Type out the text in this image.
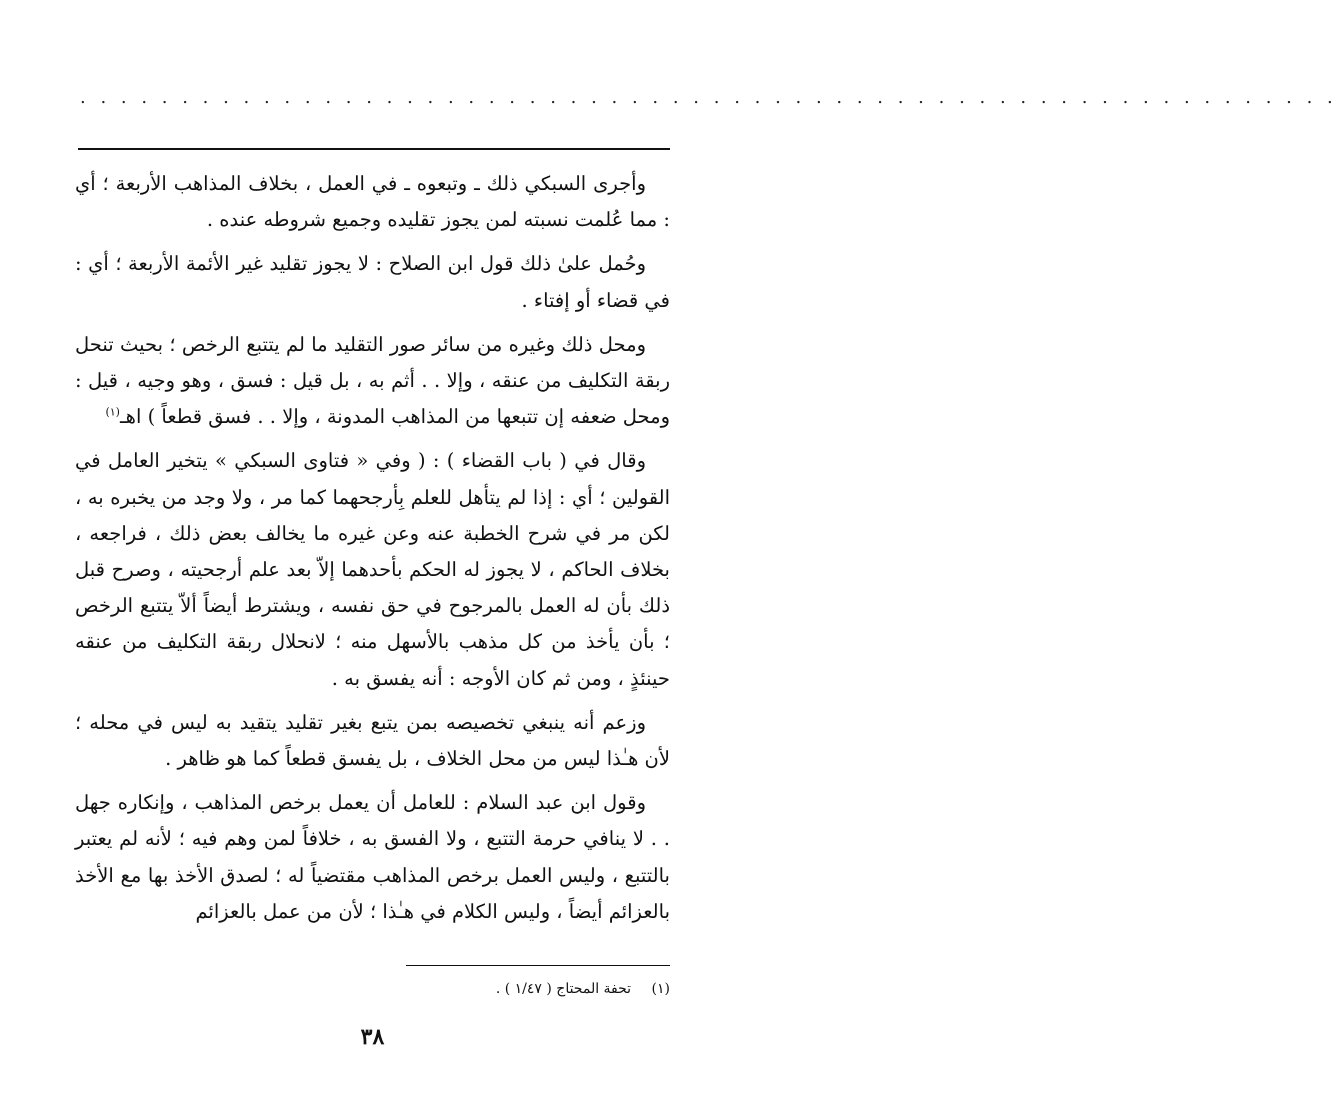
. . . . . . . . . . . . . . . . . . . . . . . . . . . . . . . . . . . . . . . . . . . . . . . . . . . . . . . . . . . . . .

وأجرى السبكي ذلك ـ وتبعوه ـ في العمل ، بخلاف المذاهب الأربعة ؛ أي : مما عُلمت نسبته لمن يجوز تقليده وجميع شروطه عنده .

وحُمل علىٰ ذلك قول ابن الصلاح : لا يجوز تقليد غير الأئمة الأربعة ؛ أي : في قضاء أو إفتاء .

ومحل ذلك وغيره من سائر صور التقليد ما لم يتتبع الرخص ؛ بحيث تنحل ربقة التكليف من عنقه ، وإلا . . أثم به ، بل قيل : فسق ، وهو وجيه ، قيل : ومحل ضعفه إن تتبعها من المذاهب المدونة ، وإلا . . فسق قطعاً ) اهـ$^{(١)}$

وقال في ( باب القضاء ) : ( وفي « فتاوى السبكي » يتخير العامل في القولين ؛ أي : إذا لم يتأهل للعلم بِأرجحهما كما مر ، ولا وجد من يخبره به ، لكن مر في شرح الخطبة عنه وعن غيره ما يخالف بعض ذلك ، فراجعه ، بخلاف الحاكم ، لا يجوز له الحكم بأحدهما إلاّ بعد علم أرجحيته ، وصرح قبل ذلك بأن له العمل بالمرجوح في حق نفسه ، ويشترط أيضاً ألاّ يتتبع الرخص ؛ بأن يأخذ من كل مذهب بالأسهل منه ؛ لانحلال ربقة التكليف من عنقه حينئذٍ ، ومن ثم كان الأوجه : أنه يفسق به .

وزعم أنه ينبغي تخصيصه بمن يتبع بغير تقليد يتقيد به ليس في محله ؛ لأن هـٰذا ليس من محل الخلاف ، بل يفسق قطعاً كما هو ظاهر .

وقول ابن عبد السلام : للعامل أن يعمل برخص المذاهب ، وإنكاره جهل . . لا ينافي حرمة التتبع ، ولا الفسق به ، خلافاً لمن وهم فيه ؛ لأنه لم يعتبر بالتتبع ، وليس العمل برخص المذاهب مقتضياً له ؛ لصدق الأخذ بها مع الأخذ بالعزائم أيضاً ، وليس الكلام في هـٰذا ؛ لأن من عمل بالعزائم

(١) تحفة المحتاج ( ١/٤٧ ) .
٣٨
